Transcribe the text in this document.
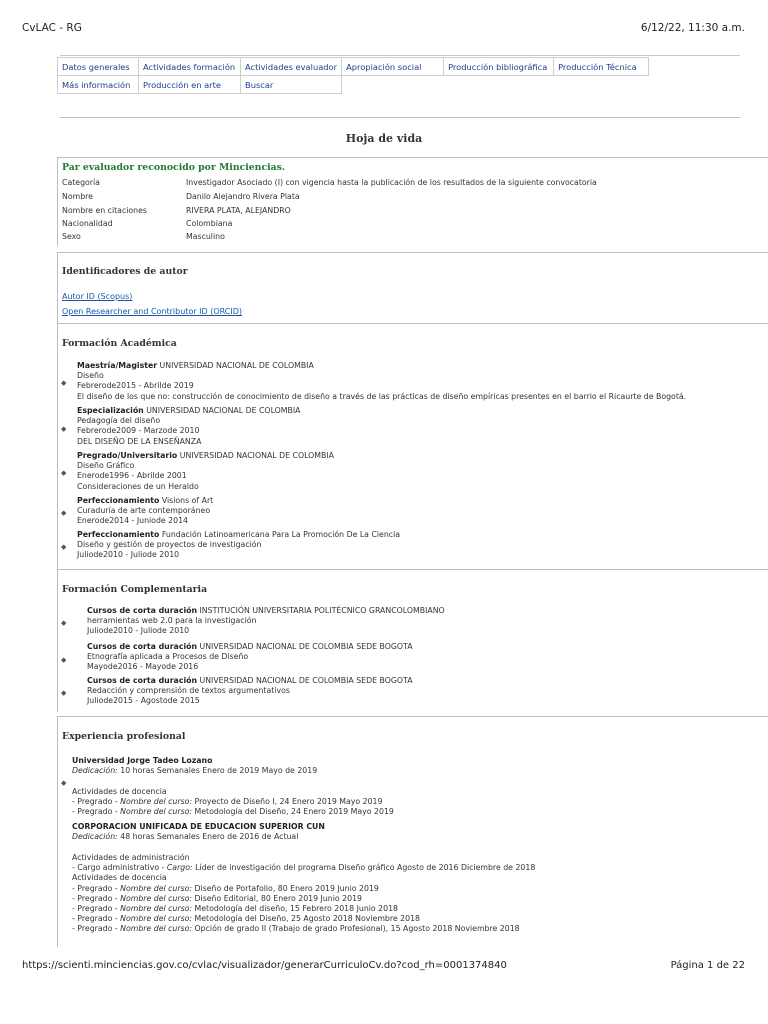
CvLAC - RG	6/12/22, 11:30 a.m.
Datos generales	Actividades formación	Actividades evaluador	Apropiación social	Producción bibliográfica	Producción Técnica
Más información	Producción en arte	Buscar			
Hoja de vida
Par evaluador reconocido por Minciencias.
Categoría	Investigador Asociado (I) con vigencia hasta la publicación de los resultados de la siguiente convocatoria
Nombre	Danilo Alejandro Rivera Plata
Nombre en citaciones	RIVERA PLATA, ALEJANDRO
Nacionalidad	Colombiana
Sexo	Masculino
Identificadores de autor
Autor ID (Scopus)
Open Researcher and Contributor ID (ORCID)
Formación Académica
◆
Maestría/Magister UNIVERSIDAD NACIONAL DE COLOMBIA
Diseño
Febrerode2015 - Abrilde 2019
El diseño de los que no: construcción de conocimiento de diseño a través de las prácticas de diseño empíricas presentes en el barrio el Ricaurte de Bogotá.
◆
Especialización UNIVERSIDAD NACIONAL DE COLOMBIA
Pedagogía del diseño
Febrerode2009 - Marzode 2010
DEL DISEÑO DE LA ENSEÑANZA
◆
Pregrado/Universitario UNIVERSIDAD NACIONAL DE COLOMBIA
Diseño Gráfico
Enerode1996 - Abrilde 2001
Consideraciones de un Heraldo
◆
Perfeccionamiento Visions of Art
Curaduría de arte contemporáneo
Enerode2014 - Juniode 2014
◆
Perfeccionamiento Fundación Latinoamericana Para La Promoción De La Ciencia
Diseño y gestión de proyectos de investigación
Juliode2010 - Juliode 2010
Formación Complementaria
◆
Cursos de corta duración INSTITUCIÓN UNIVERSITARIA POLITÉCNICO GRANCOLOMBIANO
herramientas web 2.0 para la investigación
Juliode2010 - Juliode 2010
◆
Cursos de corta duración UNIVERSIDAD NACIONAL DE COLOMBIA SEDE BOGOTA
Etnografía aplicada a Procesos de Diseño
Mayode2016 - Mayode 2016
◆
Cursos de corta duración UNIVERSIDAD NACIONAL DE COLOMBIA SEDE BOGOTA
Redacción y comprensión de textos argumentativos
Juliode2015 - Agostode 2015
Experiencia profesional
Universidad Jorge Tadeo Lozano
Dedicación: 10 horas Semanales Enero de 2019 Mayo de 2019
◆
Actividades de docencia
- Pregrado - Nombre del curso: Proyecto de Diseño I, 24 Enero 2019 Mayo 2019
- Pregrado - Nombre del curso: Metodología del Diseño, 24 Enero 2019 Mayo 2019
CORPORACION UNIFICADA DE EDUCACION SUPERIOR CUN
Dedicación: 48 horas Semanales Enero de 2016 de Actual
Actividades de administración
- Cargo administrativo - Cargo: Líder de investigación del programa Diseño gráfico Agosto de 2016 Diciembre de 2018
Actividades de docencia
- Pregrado - Nombre del curso: Diseño de Portafolio, 80 Enero 2019 Junio 2019
- Pregrado - Nombre del curso: Diseño Editorial, 80 Enero 2019 Junio 2019
- Pregrado - Nombre del curso: Metodología del diseño, 15 Febrero 2018 Junio 2018
- Pregrado - Nombre del curso: Metodología del Diseño, 25 Agosto 2018 Noviembre 2018
- Pregrado - Nombre del curso: Opción de grado II (Trabajo de grado Profesional), 15 Agosto 2018 Noviembre 2018
https://scienti.minciencias.gov.co/cvlac/visualizador/generarCurriculoCv.do?cod_rh=0001374840	Página 1 de 22
